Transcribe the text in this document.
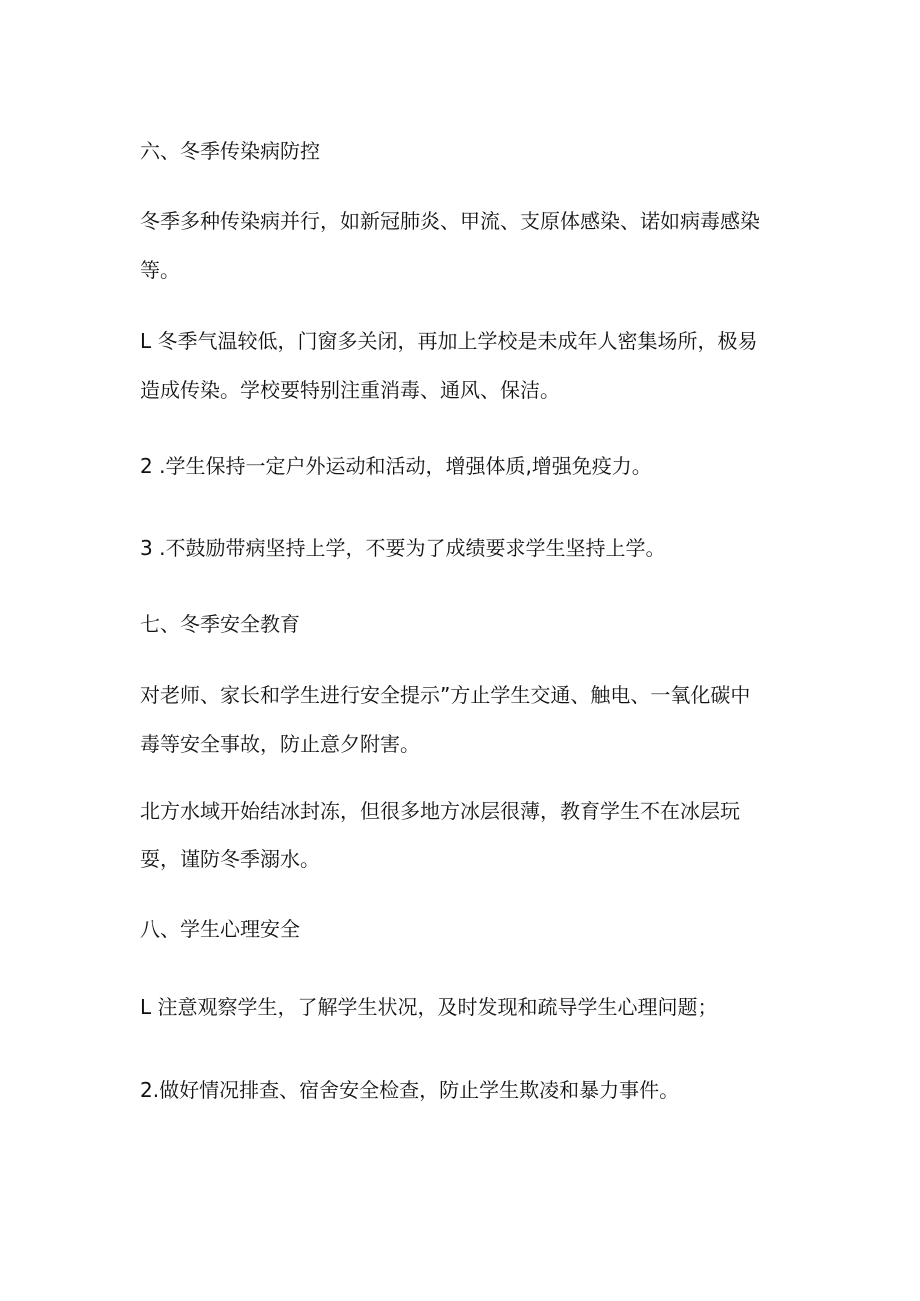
六、冬季传染病防控
冬季多种传染病并行，如新冠肺炎、甲流、支原体感染、诺如病毒感染
等。
L 冬季气温较低，门窗多关闭，再加上学校是未成年人密集场所，极易
造成传染。学校要特别注重消毒、通风、保洁。
2 .学生保持一定户外运动和活动，增强体质,增强免疫力。
3 .不鼓励带病坚持上学，不要为了成绩要求学生坚持上学。
七、冬季安全教育
对老师、家长和学生进行安全提示”方止学生交通、触电、一氧化碳中
毒等安全事故，防止意夕附害。
北方水域开始结冰封冻，但很多地方冰层很薄，教育学生不在冰层玩
耍，谨防冬季溺水。
八、学生心理安全
L 注意观察学生，了解学生状况，及时发现和疏导学生心理问题；
2.做好情况排查、宿舍安全检查，防止学生欺凌和暴力事件。
